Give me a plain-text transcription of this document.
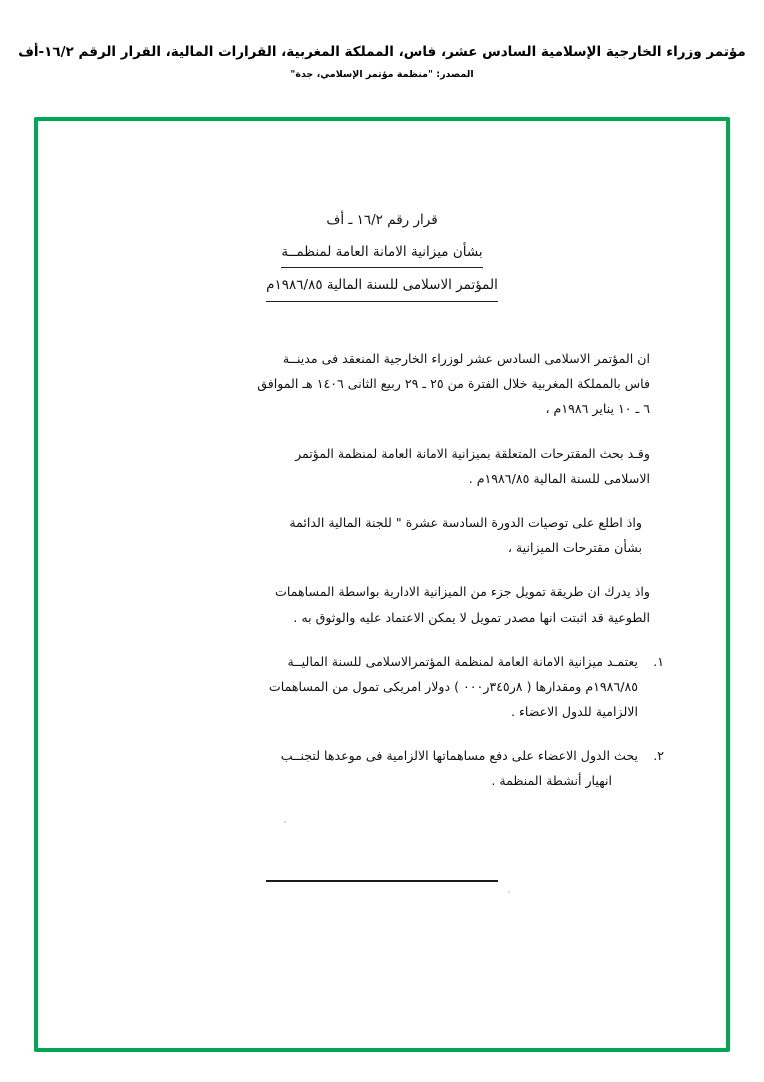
مؤتمر وزراء الخارجية الإسلامية السادس عشر، فاس، المملكة المغربية، القرارات المالية، القرار الرقم ١٦/٢-أف
المصدر: "منظمة مؤتمر الإسلامي، جدة"
قرار رقم ١٦/٢ ـ أف
بشأن ميزانية الامانة العامة لمنظمــة
المؤتمر الاسلامى للسنة المالية ١٩٨٦/٨٥م
ان المؤتمر الاسلامى السادس عشر لوزراء الخارجية المنعقد فى مدينــة
فاس بالمملكة المغربية خلال الفترة من ٢٥ ـ ٢٩ ربيع الثانى ١٤٠٦ هـ الموافق
٦ ـ ١٠ يناير ١٩٨٦م ،
وقـد بحث المقترحات المتعلقة بميزانية الامانة العامة لمنظمة المؤتمر
الاسلامى للسنة المالية ١٩٨٦/٨٥م .
واذ اطلع على توصيات الدورة السادسة عشرة " للجنة المالية الدائمة
بشأن مقترحات الميزانية ،
واذ يدرك ان طريقة تمويل جزء من الميزانية الادارية بواسطة المساهمات
الطوعية قد اثبتت انها مصدر تمويل لا يمكن الاعتماد عليه والوثوق به .
١.يعتمـد ميزانية الامانة العامة لمنظمة المؤتمرالاسلامى للسنة الماليــة
١٩٨٦/٨٥م ومقدارها ( ٨ر٣٤٥ر٠٠٠ ) دولار امريكى تمول من المساهمات
الالزامية للدول الاعضاء .
٢.يحث الدول الاعضاء على دفع مساهماتها الالزامية فى موعدها لتجنــب
انهيار أنشطة المنظمة .
